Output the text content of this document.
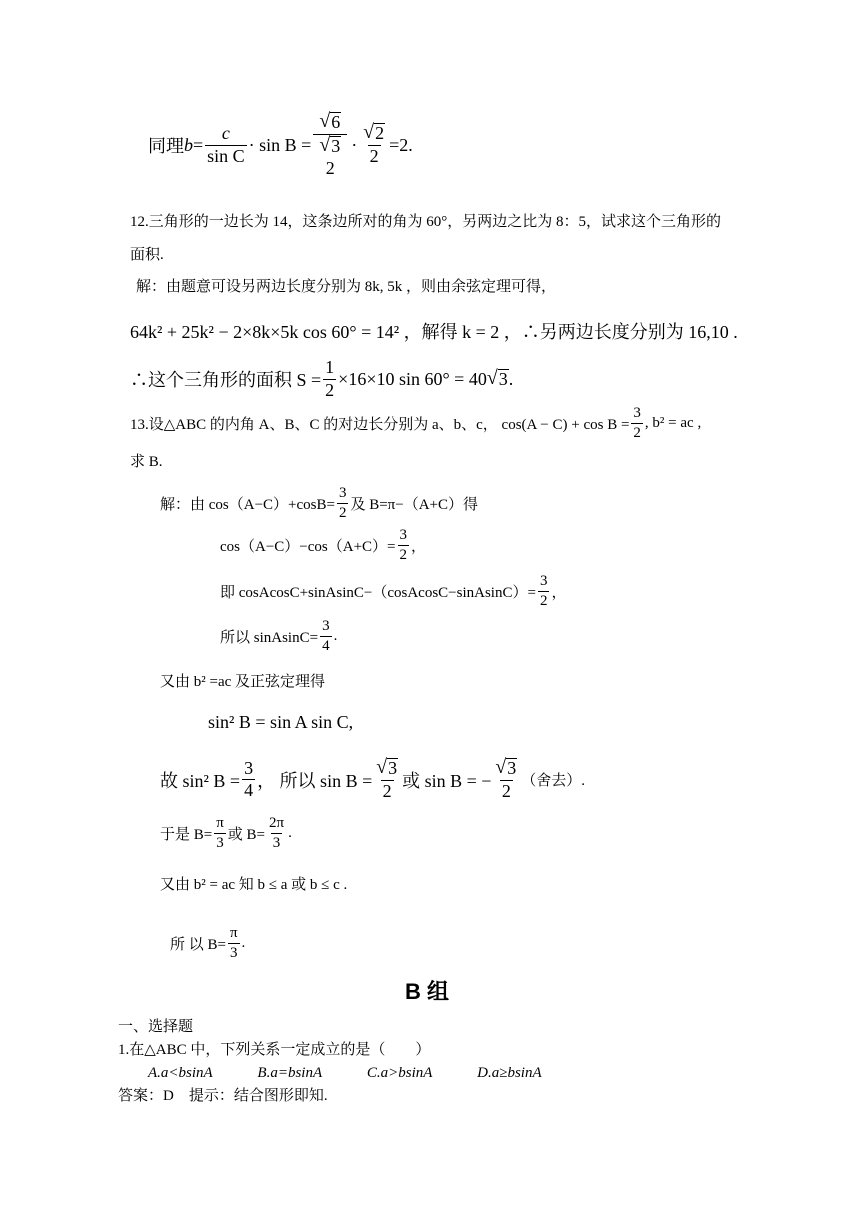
同理 $b = \frac{c}{\text{sin C}} \cdot \sin B$ = √ 6
√ 3
$2 \cdot \frac{√ 2}{2} =2$.
12.三角形的一边长为 14，这条边所对的角为 60°，另两边之比为 8：5，试求这个三角形的
面积.
解：由题意可设另两边长度分别为 8k, 5k ，则由余弦定理可得，
64k² + 25k² − 2×8k×5k cos 60° = 14² ，解得 k = 2 ，∴另两边长度分别为 16,10 .
∴这个三角形的面积 $S = \frac{1}{2} \times 16\times 10$ sin 60° = 40 √ 3 .
13.设△ABC 的内角 A、B、C 的对边长分别为 a、b、c， $\cos(A - C) + \cos B = \frac{3}{2}$ , b² = ac ,
求 B.
解：由 $\cos(A-C)+\cos B= \frac{3}{2}$ 及 B=π−（A+C）得
$\cos(A-C)-\cos(A+C)= \frac{3}{2}$ ，
即 cosAcosC+sinAsinC−（cosAcosC−sinAsinC）= $\frac{3}{2}$ ，
所以 sinAsinC= $\frac{3}{4}$ .
又由 b² =ac 及正弦定理得
sin² B = sin A sin C,
故 sin² $B = \frac{3}{4}$ ， 所以 $\sin B = \frac{√ 3}{2}$ 或 sin B = − $\frac{√ 3}{2}$ （舍去）.
于是 $B= \frac{\pi}{3}$ 或 $B= \frac{2\pi}{3}$ .
又由 b² = ac 知 b ≤ a 或 b ≤ c .
所 以 $B= \frac{\pi}{3}$ .
B 组
一、选择题
1.在△ABC 中，下列关系一定成立的是（　　）
A.a<bsinA　　　B.a=bsinA　　　C.a>bsinA　　　D.a≥bsinA
答案：D　提示：结合图形即知.
